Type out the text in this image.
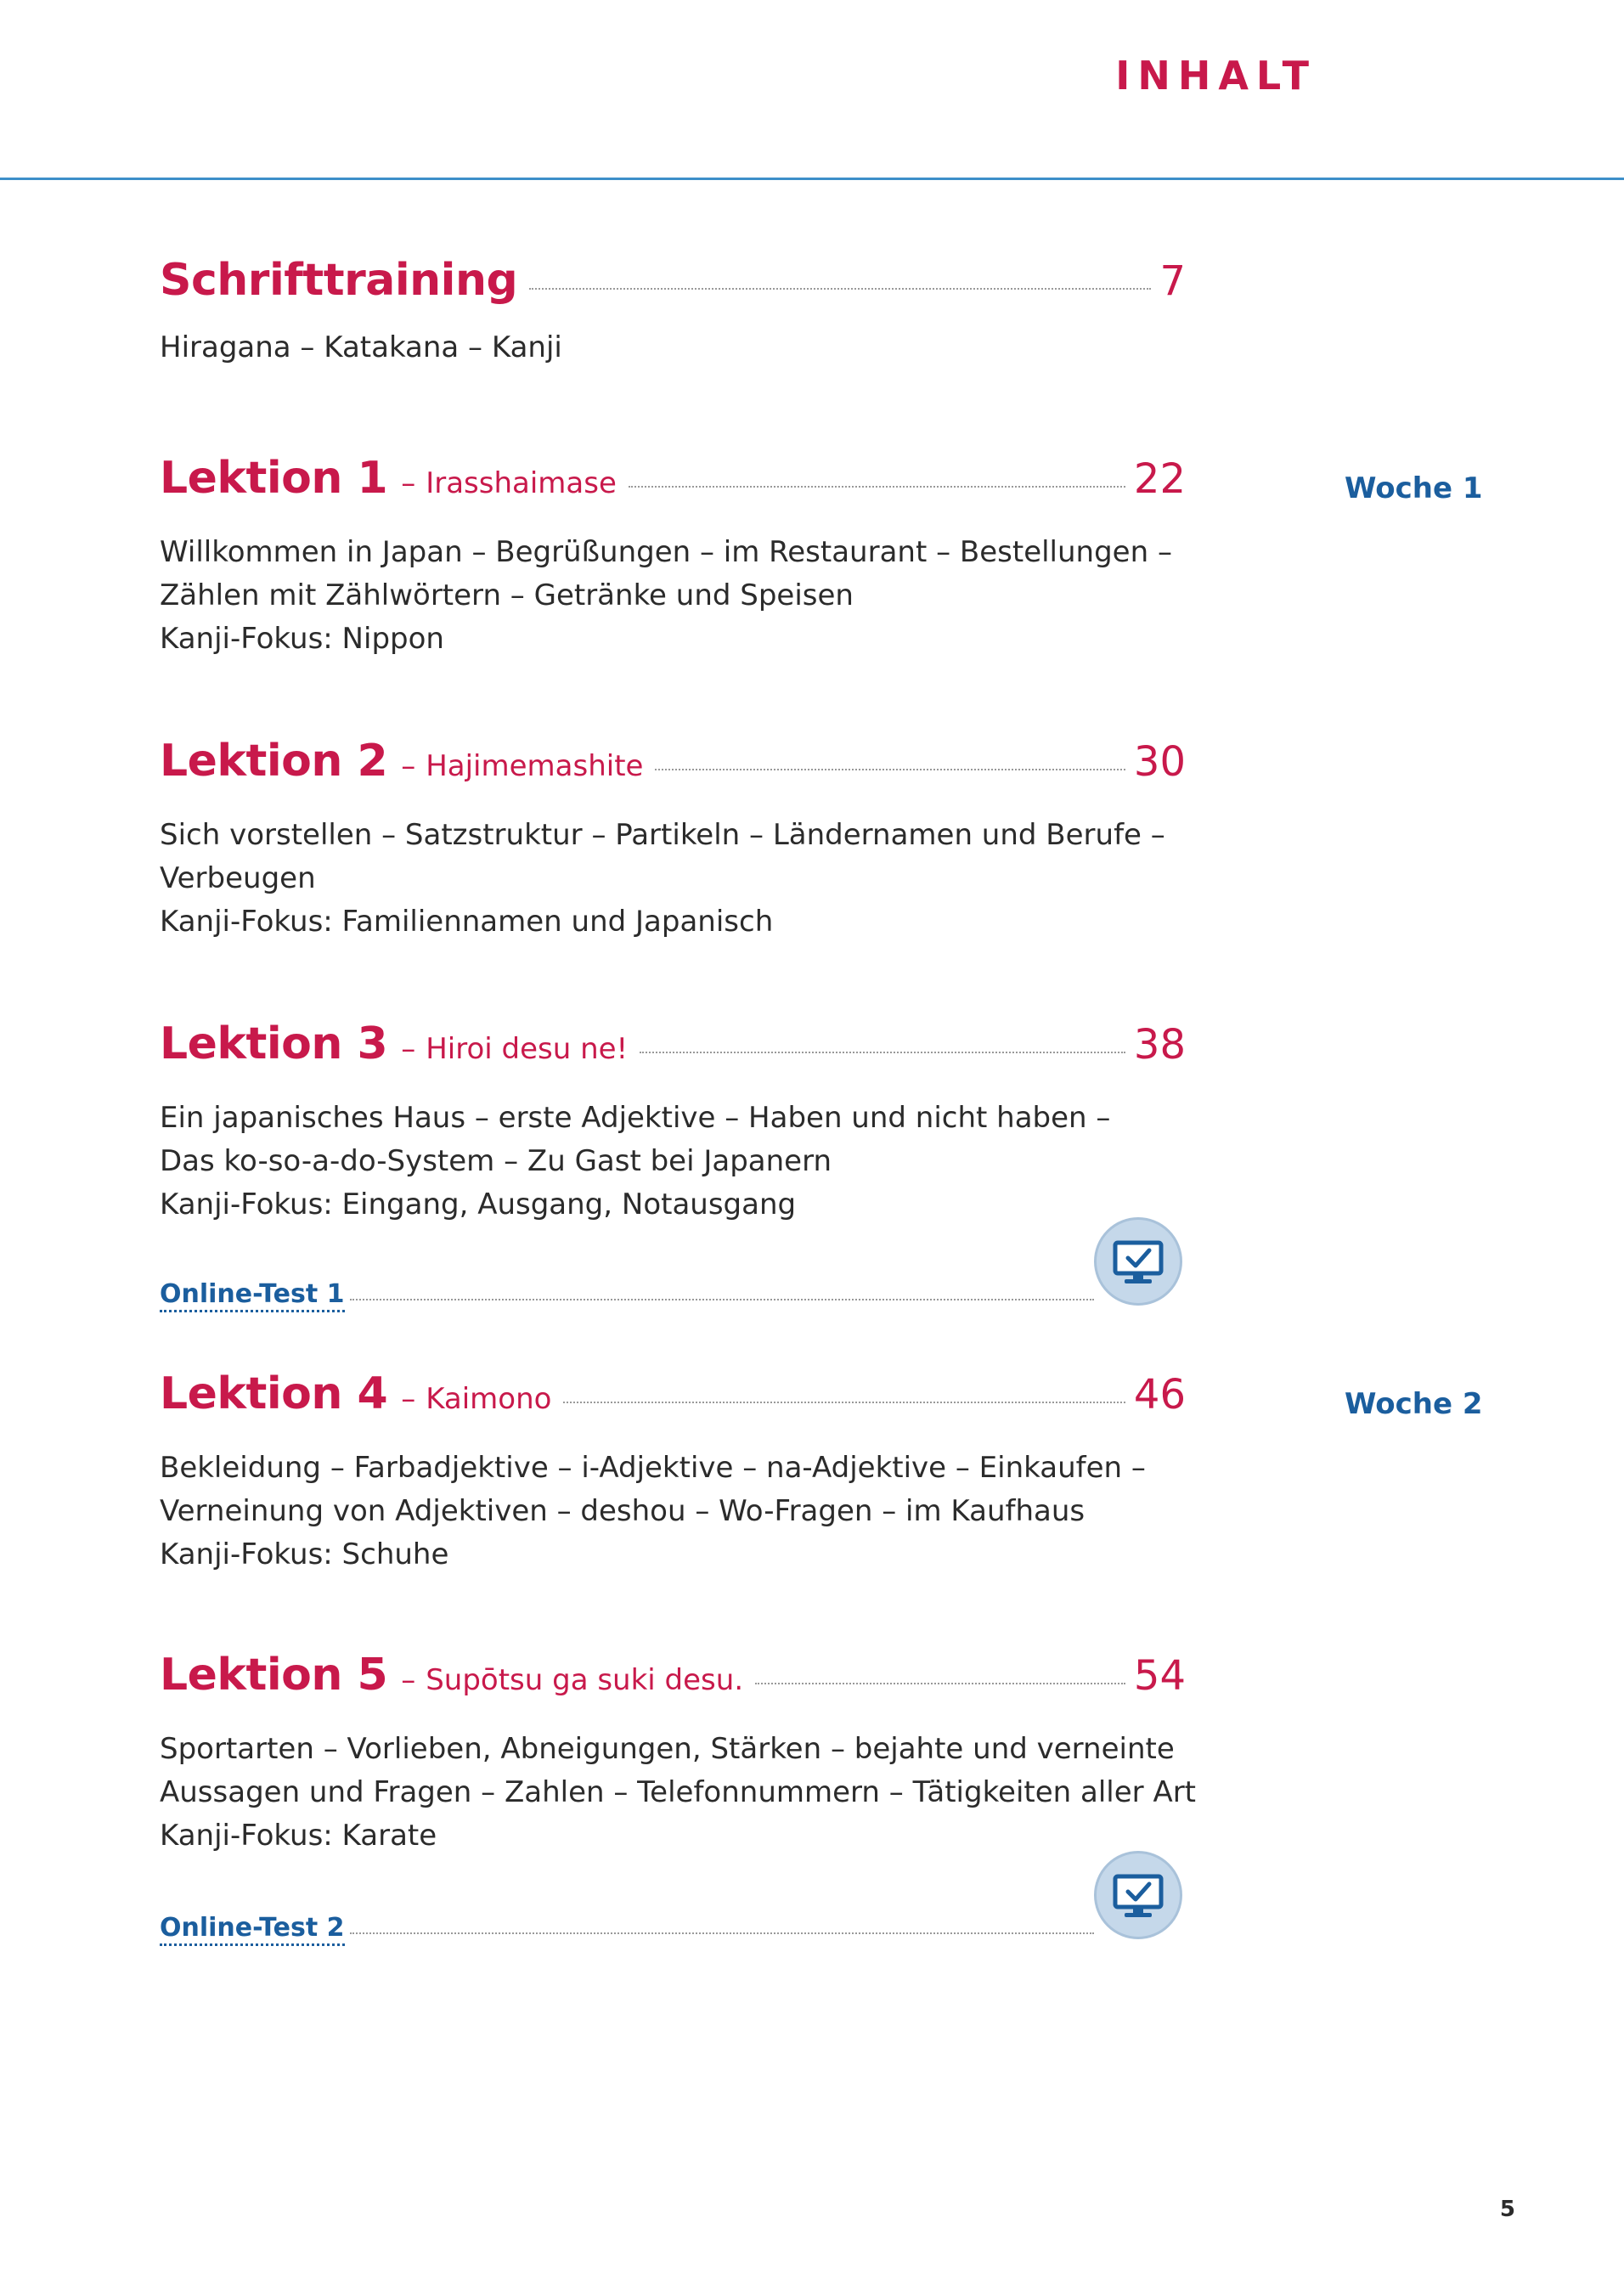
INHALT
Schrifttraining	7
Hiragana – Katakana – Kanji
Lektion 1 – Irasshaimase	22
Willkommen in Japan – Begrüßungen – im Restaurant – Bestellungen –
Zählen mit Zählwörtern – Getränke und Speisen
Kanji-Fokus: Nippon
Woche 1
Lektion 2 – Hajimemashite	30
Sich vorstellen – Satzstruktur – Partikeln – Ländernamen und Berufe –
Verbeugen
Kanji-Fokus: Familiennamen und Japanisch
Lektion 3 – Hiroi desu ne!	38
Ein japanisches Haus – erste Adjektive – Haben und nicht haben –
Das ko-so-a-do-System – Zu Gast bei Japanern
Kanji-Fokus: Eingang, Ausgang, Notausgang
Online-Test 1
Lektion 4 – Kaimono	46
Bekleidung – Farbadjektive – i-Adjektive – na-Adjektive – Einkaufen –
Verneinung von Adjektiven – deshou – Wo-Fragen – im Kaufhaus
Kanji-Fokus: Schuhe
Woche 2
Lektion 5 – Supōtsu ga suki desu.	54
Sportarten – Vorlieben, Abneigungen, Stärken – bejahte und verneinte
Aussagen und Fragen – Zahlen – Telefonnummern – Tätigkeiten aller Art
Kanji-Fokus: Karate
Online-Test 2
5
